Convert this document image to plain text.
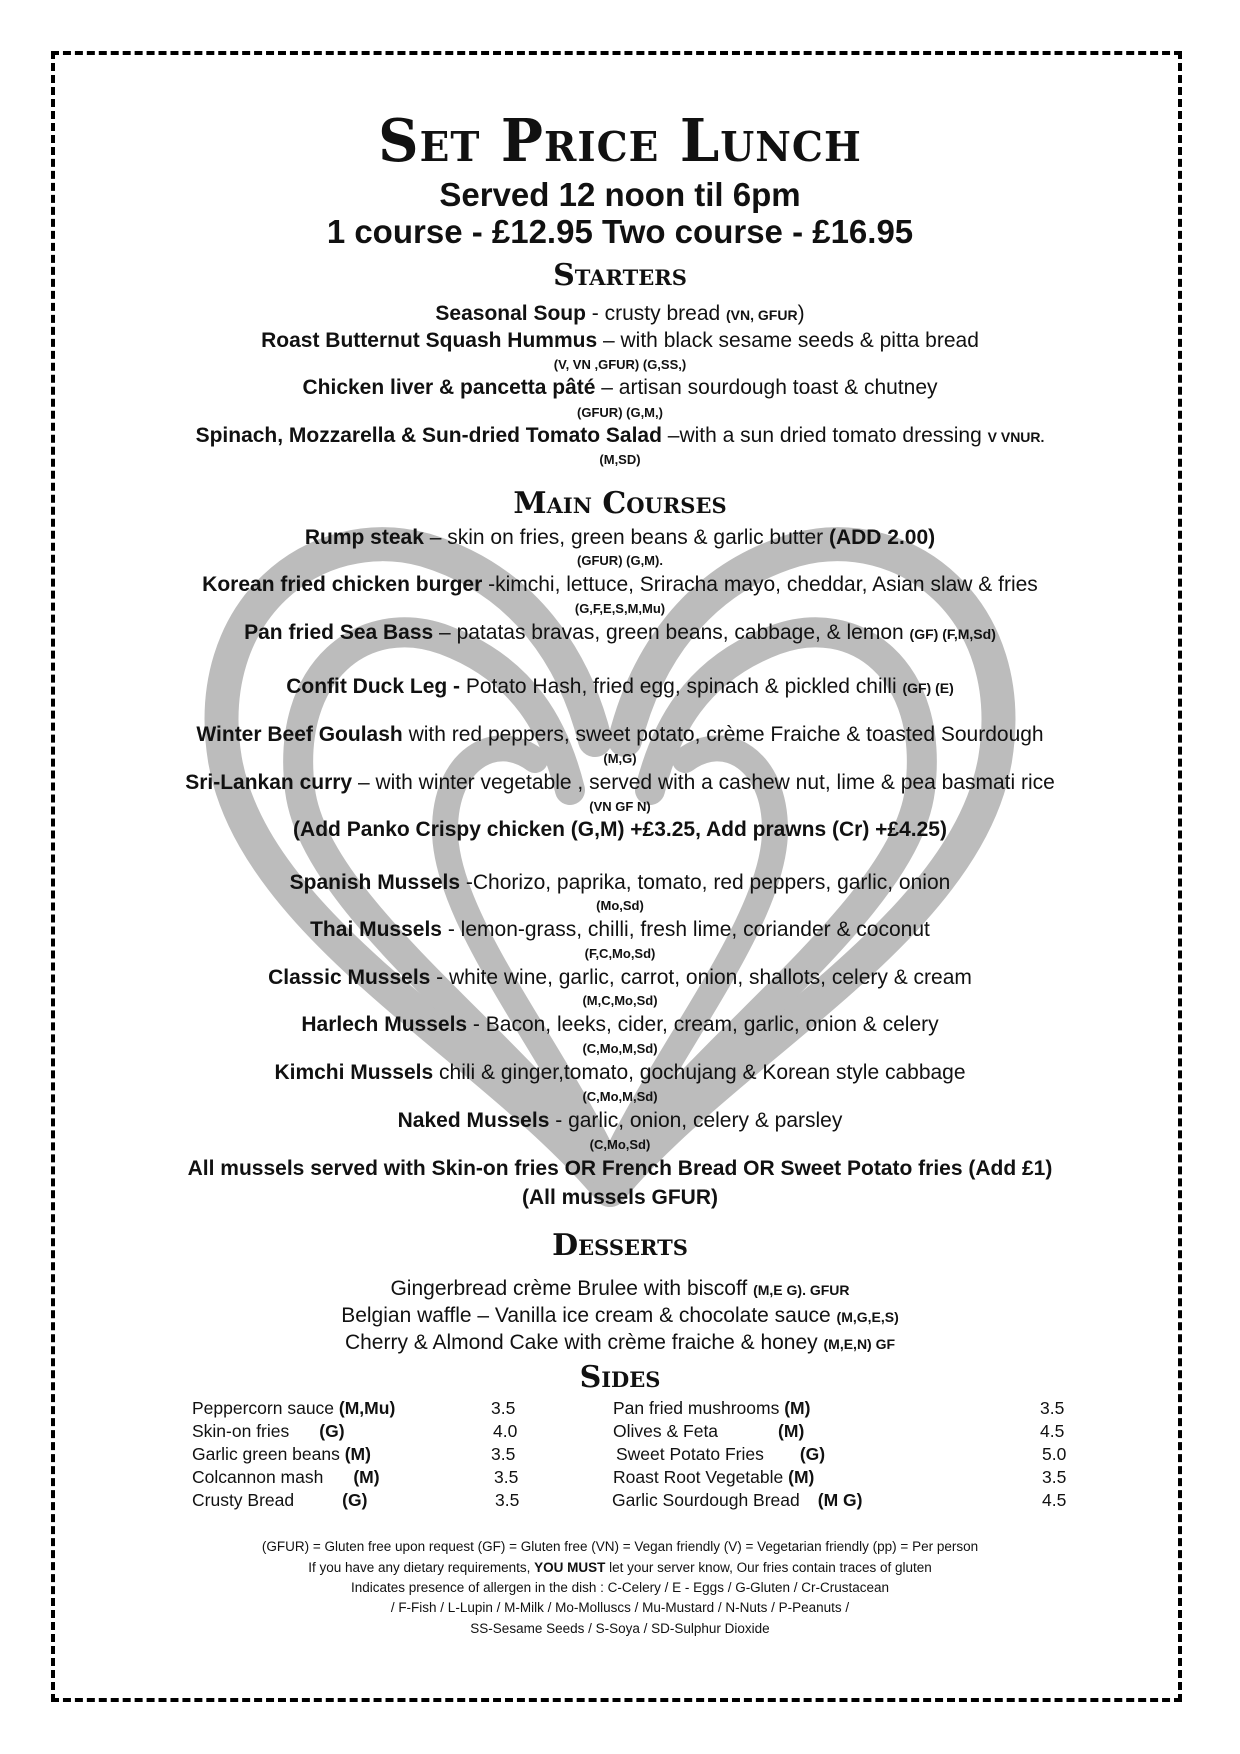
Set Price Lunch
Served 12 noon til 6pm
1 course - £12.95 Two course - £16.95
Starters
Seasonal Soup - crusty bread (VN, GFUR)
Roast Butternut Squash Hummus – with black sesame seeds & pitta bread
(V, VN ,GFUR) (G,SS,)
Chicken liver & pancetta pâté – artisan sourdough toast & chutney
(GFUR) (G,M,)
Spinach, Mozzarella & Sun-dried Tomato Salad –with a sun dried tomato dressing V VNUR.
(M,SD)
Main Courses
Rump steak – skin on fries, green beans & garlic butter (ADD 2.00)
(GFUR) (G,M).
Korean fried chicken burger -kimchi, lettuce, Sriracha mayo, cheddar, Asian slaw & fries
(G,F,E,S,M,Mu)
Pan fried Sea Bass – patatas bravas, green beans, cabbage, & lemon (GF) (F,M,Sd)
Confit Duck Leg - Potato Hash, fried egg, spinach & pickled chilli (GF) (E)
Winter Beef Goulash with red peppers, sweet potato, crème Fraiche & toasted Sourdough
(M,G)
Sri-Lankan curry – with winter vegetable , served with a cashew nut, lime & pea basmati rice
(VN GF N)
(Add Panko Crispy chicken (G,M) +£3.25, Add prawns (Cr) +£4.25)
Spanish Mussels -Chorizo, paprika, tomato, red peppers, garlic, onion
(Mo,Sd)
Thai Mussels - lemon-grass, chilli, fresh lime, coriander & coconut
(F,C,Mo,Sd)
Classic Mussels - white wine, garlic, carrot, onion, shallots, celery & cream
(M,C,Mo,Sd)
Harlech Mussels - Bacon, leeks, cider, cream, garlic, onion & celery
(C,Mo,M,Sd)
Kimchi Mussels chili & ginger,tomato, gochujang & Korean style cabbage
(C,Mo,M,Sd)
Naked Mussels - garlic, onion, celery & parsley
(C,Mo,Sd)
All mussels served with Skin-on fries OR French Bread OR Sweet Potato fries (Add £1)
(All mussels GFUR)
Desserts
Gingerbread crème Brulee with biscoff (M,E G). GFUR
Belgian waffle – Vanilla ice cream & chocolate sauce (M,G,E,S)
Cherry & Almond Cake with crème fraiche & honey (M,E,N) GF
Sides
Peppercorn sauce (M,Mu)	3.5
Skin-on fries (G)	4.0
Garlic green beans (M)	3.5
Colcannon mash (M)	3.5
Crusty Bread	(G)	3.5
Pan fried mushrooms (M)	3.5
Olives & Feta	(M)	4.5
Sweet Potato Fries (G)	5.0
Roast Root Vegetable (M)	3.5
Garlic Sourdough Bread (M G)	4.5
(GFUR) = Gluten free upon request (GF) = Gluten free (VN) = Vegan friendly (V) = Vegetarian friendly (pp) = Per person
If you have any dietary requirements, YOU MUST let your server know, Our fries contain traces of gluten
Indicates presence of allergen in the dish : C-Celery / E - Eggs / G-Gluten / Cr-Crustacean
/ F-Fish / L-Lupin / M-Milk / Mo-Molluscs / Mu-Mustard / N-Nuts / P-Peanuts /
SS-Sesame Seeds / S-Soya / SD-Sulphur Dioxide
